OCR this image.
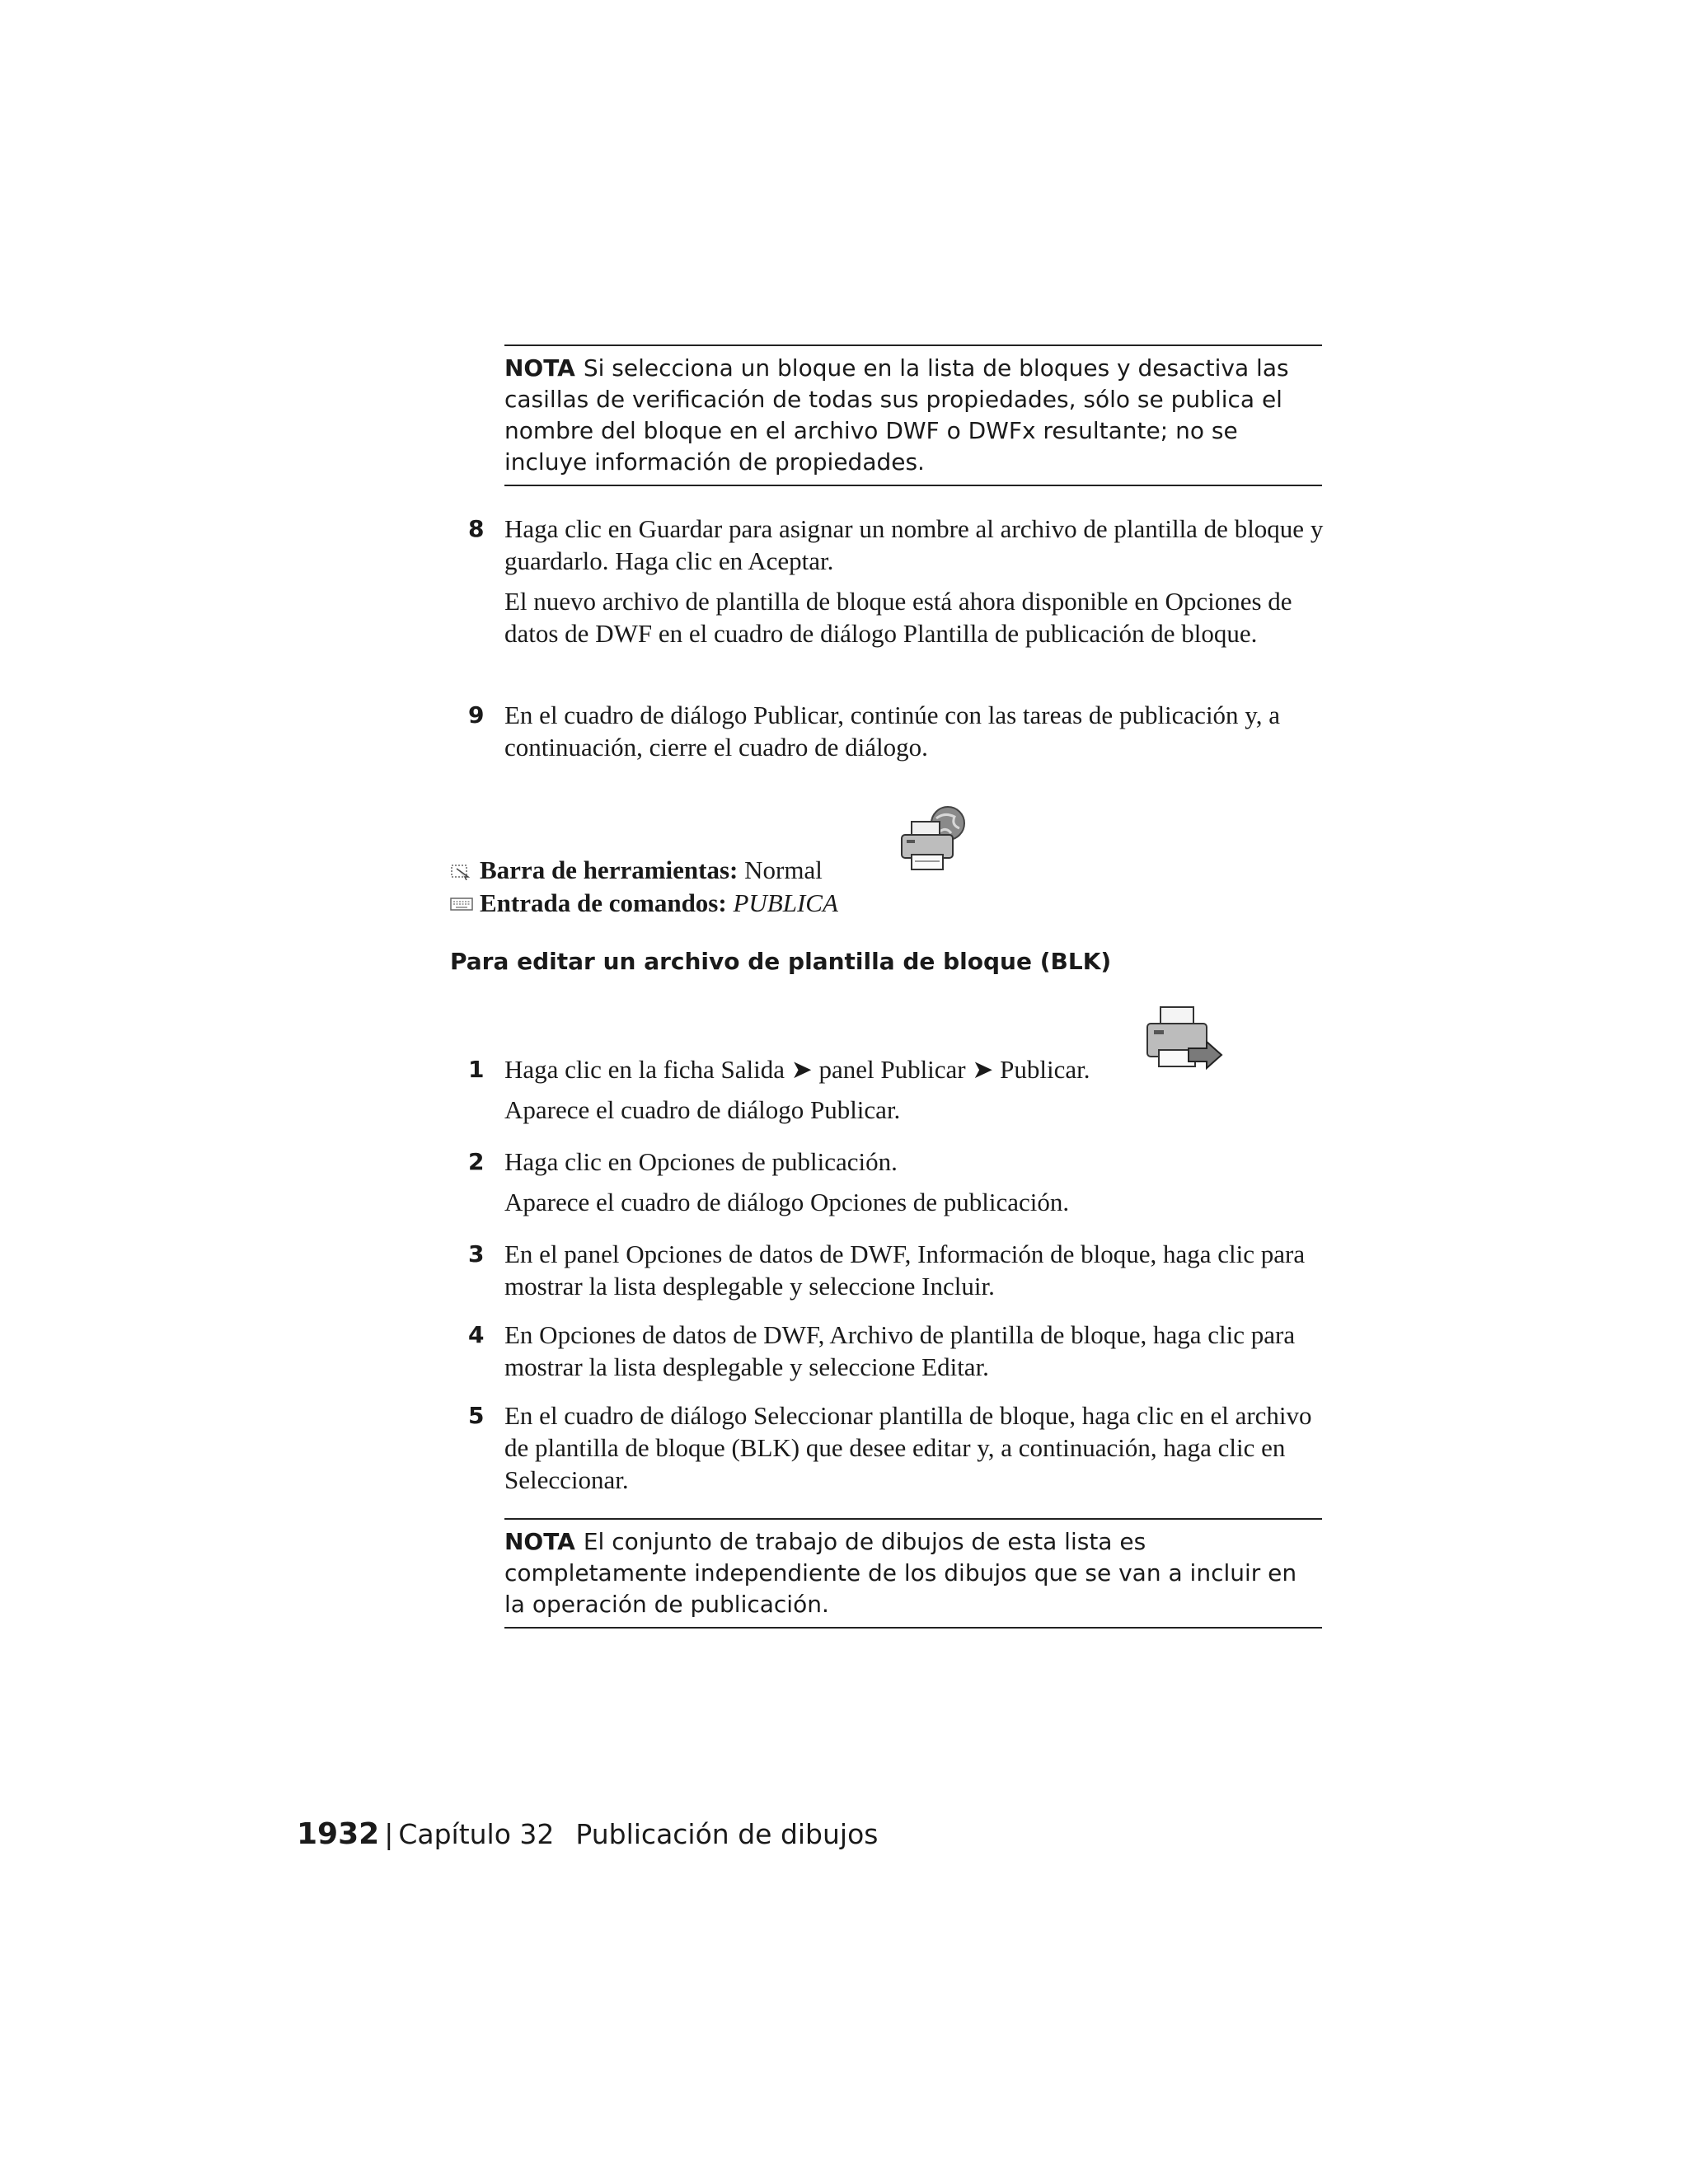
NOTA Si selecciona un bloque en la lista de bloques y desactiva las casillas de verificación de todas sus propiedades, sólo se publica el nombre del bloque en el archivo DWF o DWFx resultante; no se incluye información de propiedades.
8 Haga clic en Guardar para asignar un nombre al archivo de plantilla de bloque y guardarlo. Haga clic en Aceptar.
El nuevo archivo de plantilla de bloque está ahora disponible en Opciones de datos de DWF en el cuadro de diálogo Plantilla de publicación de bloque.
9 En el cuadro de diálogo Publicar, continúe con las tareas de publicación y, a continuación, cierre el cuadro de diálogo.
Barra de herramientas: Normal
Entrada de comandos: PUBLICA
Para editar un archivo de plantilla de bloque (BLK)
1 Haga clic en la ficha Salida ➤ panel Publicar ➤ Publicar.
Aparece el cuadro de diálogo Publicar.
2 Haga clic en Opciones de publicación.
Aparece el cuadro de diálogo Opciones de publicación.
3 En el panel Opciones de datos de DWF, Información de bloque, haga clic para mostrar la lista desplegable y seleccione Incluir.
4 En Opciones de datos de DWF, Archivo de plantilla de bloque, haga clic para mostrar la lista desplegable y seleccione Editar.
5 En el cuadro de diálogo Seleccionar plantilla de bloque, haga clic en el archivo de plantilla de bloque (BLK) que desee editar y, a continuación, haga clic en Seleccionar.
NOTA El conjunto de trabajo de dibujos de esta lista es completamente independiente de los dibujos que se van a incluir en la operación de publicación.
1932 | Capítulo 32 Publicación de dibujos
